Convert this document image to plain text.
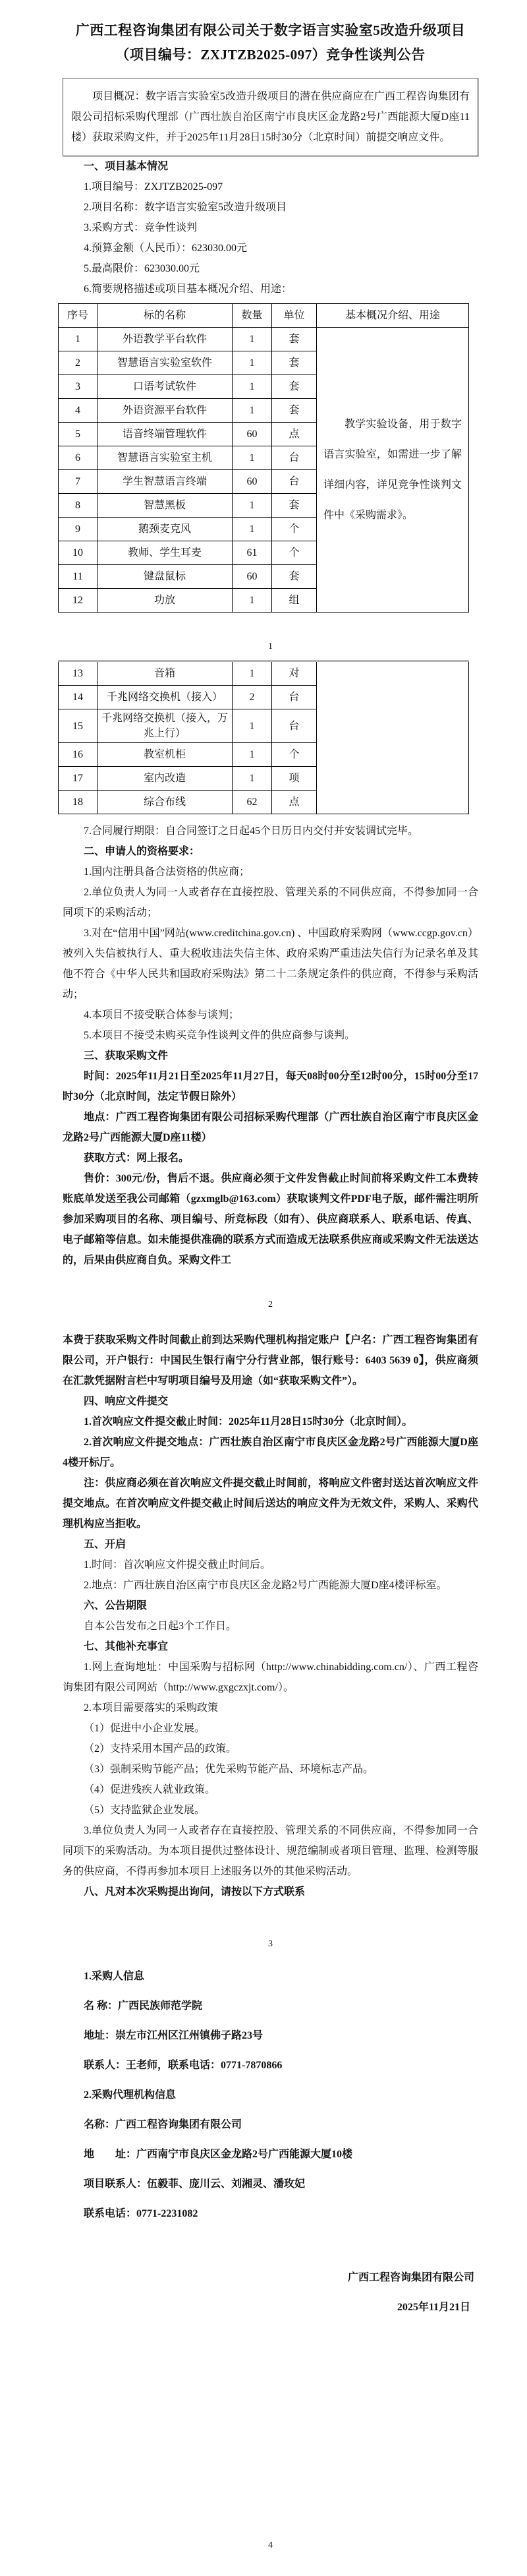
广西工程咨询集团有限公司关于数字语言实验室5改造升级项目
（项目编号：ZXJTZB2025-097）竞争性谈判公告

项目概况：数字语言实验室5改造升级项目的潜在供应商应在广西工程咨询集团有限公司招标采购代理部（广西壮族自治区南宁市良庆区金龙路2号广西能源大厦D座11楼）获取采购文件，并于2025年11月28日15时30分（北京时间）前提交响应文件。

一、项目基本情况

1.项目编号：ZXJTZB2025-097

2.项目名称：数字语言实验室5改造升级项目

3.采购方式：竞争性谈判

4.预算金额（人民币）：623030.00元

5.最高限价：623030.00元

6.简要规格描述或项目基本概况介绍、用途：

序号	标的名称	数量	单位	基本概况介绍、用途
1	外语教学平台软件	1	套	教学实验设备，用于数字语言实验室，如需进一步了解详细内容，详见竞争性谈判文件中《采购需求》。
2	智慧语言实验室软件	1	套	
3	口语考试软件	1	套	
4	外语资源平台软件	1	套	
5	语音终端管理软件	60	点	
6	智慧语言实验室主机	1	台	
7	学生智慧语言终端	60	台	
8	智慧黑板	1	套	
9	鹅颈麦克风	1	个	
10	教师、学生耳麦	61	个	
11	键盘鼠标	60	套	
12	功放	1	组	
1
13	音箱	1	对	
14	千兆网络交换机（接入）	2	台	
15	千兆网络交换机（接入，万兆上行）	1	台	
16	教室机柜	1	个	
17	室内改造	1	项	
18	综合布线	62	点	

7.合同履行期限：自合同签订之日起45个日历日内交付并安装调试完毕。

二、申请人的资格要求：

1.国内注册具备合法资格的供应商；

2.单位负责人为同一人或者存在直接控股、管理关系的不同供应商，不得参加同一合同项下的采购活动；

3.对在“信用中国”网站(www.creditchina.gov.cn) 、中国政府采购网（www.ccgp.gov.cn）被列入失信被执行人、重大税收违法失信主体、政府采购严重违法失信行为记录名单及其他不符合《中华人民共和国政府采购法》第二十二条规定条件的供应商，不得参与采购活动；

4.本项目不接受联合体参与谈判；

5.本项目不接受未购买竞争性谈判文件的供应商参与谈判。

三、获取采购文件

时间：2025年11月21日至2025年11月27日，每天08时00分至12时00分，15时00分至17时30分（北京时间，法定节假日除外）

地点：广西工程咨询集团有限公司招标采购代理部（广西壮族自治区南宁市良庆区金龙路2号广西能源大厦D座11楼）

获取方式：网上报名。

售价：300元/份，售后不退。供应商必须于文件发售截止时间前将采购文件工本费转账底单发送至我公司邮箱（gzxmglb@163.com）获取谈判文件PDF电子版，邮件需注明所参加采购项目的名称、项目编号、所竞标段（如有）、供应商联系人、联系电话、传真、电子邮箱等信息。如未能提供准确的联系方式而造成无法联系供应商或采购文件无法送达的，后果由供应商自负。采购文件工

2

本费于获取采购文件时间截止前到达采购代理机构指定账户【户名：广西工程咨询集团有限公司，开户银行：中国民生银行南宁分行营业部，银行账号：6403 5639 0】，供应商须在汇款凭据附言栏中写明项目编号及用途（如“获取采购文件”）。

四、响应文件提交

1.首次响应文件提交截止时间：2025年11月28日15时30分（北京时间）。

2.首次响应文件提交地点：广西壮族自治区南宁市良庆区金龙路2号广西能源大厦D座4楼开标厅。

注：供应商必须在首次响应文件提交截止时间前，将响应文件密封送达首次响应文件提交地点。在首次响应文件提交截止时间后送达的响应文件为无效文件，采购人、采购代理机构应当拒收。

五、开启

1.时间：首次响应文件提交截止时间后。

2.地点：广西壮族自治区南宁市良庆区金龙路2号广西能源大厦D座4楼评标室。

六、公告期限

自本公告发布之日起3个工作日。

七、其他补充事宜

1.网上查询地址：中国采购与招标网（http://www.chinabidding.com.cn/）、广西工程咨询集团有限公司网站（http://www.gxgczxjt.com/）。

2.本项目需要落实的采购政策

（1）促进中小企业发展。

（2）支持采用本国产品的政策。

（3）强制采购节能产品；优先采购节能产品、环境标志产品。

（4）促进残疾人就业政策。

（5）支持监狱企业发展。

3.单位负责人为同一人或者存在直接控股、管理关系的不同供应商，不得参加同一合同项下的采购活动。为本项目提供过整体设计、规范编制或者项目管理、监理、检测等服务的供应商，不得再参加本项目上述服务以外的其他采购活动。

八、凡对本次采购提出询问，请按以下方式联系

3

1.采购人信息

名 称：广西民族师范学院

地址：崇左市江州区江州镇佛子路23号

联系人：王老师，联系电话：0771-7870866

2.采购代理机构信息

名称：广西工程咨询集团有限公司

地　　址：广西南宁市良庆区金龙路2号广西能源大厦10楼

项目联系人：伍毅菲、庞川云、刘湘灵、潘玫妃

联系电话：0771-2231082

广西工程咨询集团有限公司

2025年11月21日

4
